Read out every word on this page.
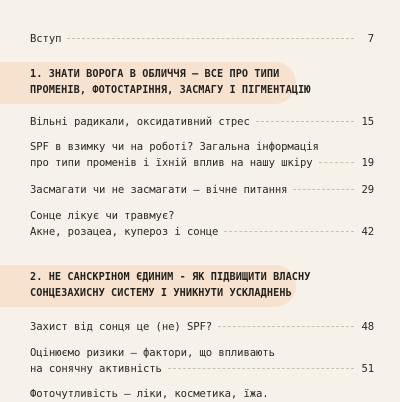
Вступ	7
1. ЗНАТИ ВОРОГА В ОБЛИЧЧЯ — ВСЕ ПРО ТИПИ
ПРОМЕНІВ, ФОТОСТАРІННЯ, ЗАСМАГУ І ПІГМЕНТАЦІЮ
Вільні радикали, оксидативний стрес	15
SPF в взимку чи на роботі? Загальна інформація
про типи променів і їхній вплив на нашу шкіру	19
Засмагати чи не засмагати — вічне питання	29
Сонце лікує чи травмує?
Акне, розацеа, купероз і сонце	42
2. НЕ САНСКРІНОМ ЄДИНИМ - ЯК ПІДВИЩИТИ ВЛАСНУ
СОНЦЕЗАХИСНУ СИСТЕМУ І УНИКНУТИ УСКЛАДНЕНЬ
Захист від сонця це (не) SPF?	48
Оцінюємо ризики — фактори, що впливають
на сонячну активність	51
Фоточутливість — ліки, косметика, їжа.
